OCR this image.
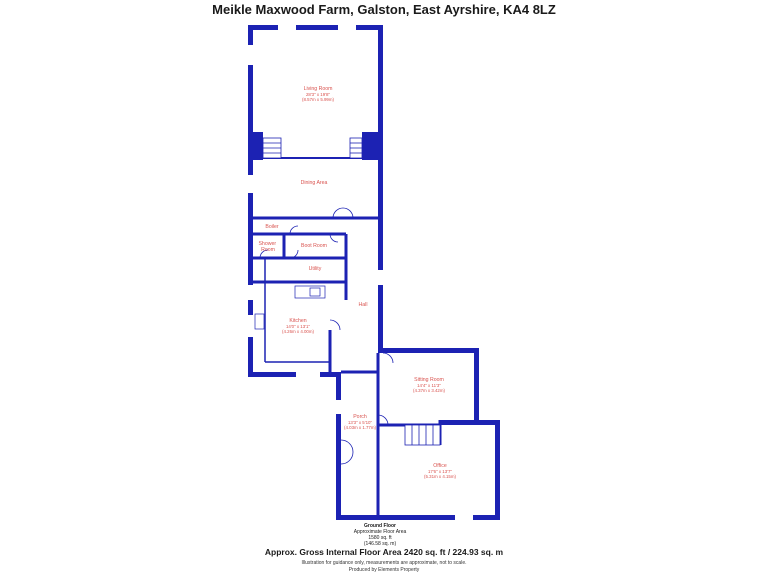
Meikle Maxwood Farm, Galston, East Ayrshire, KA4 8LZ
Living Room
28'3" x 19'8"
(8.57m x 5.99m)
Dining Area
Boiler
Shower Room
Boot Room
Utility
Hall
Kitchen
14'0" x 13'1"
(4.26m x 4.00m)
Sitting Room
14'4" x 11'3"
(4.37m x 3.42m)
Porch
13'3" x 5'10"
(4.03m x 1.77m)
Office
17'6" x 13'7"
(5.31m x 4.15m)
Ground Floor
Approximate Floor Area
1580 sq. ft
(146.58 sq. m)
Approx. Gross Internal Floor Area 2420 sq. ft / 224.93 sq. m
Illustration for guidance only, measurements are approximate, not to scale.
Produced by Elements Property
